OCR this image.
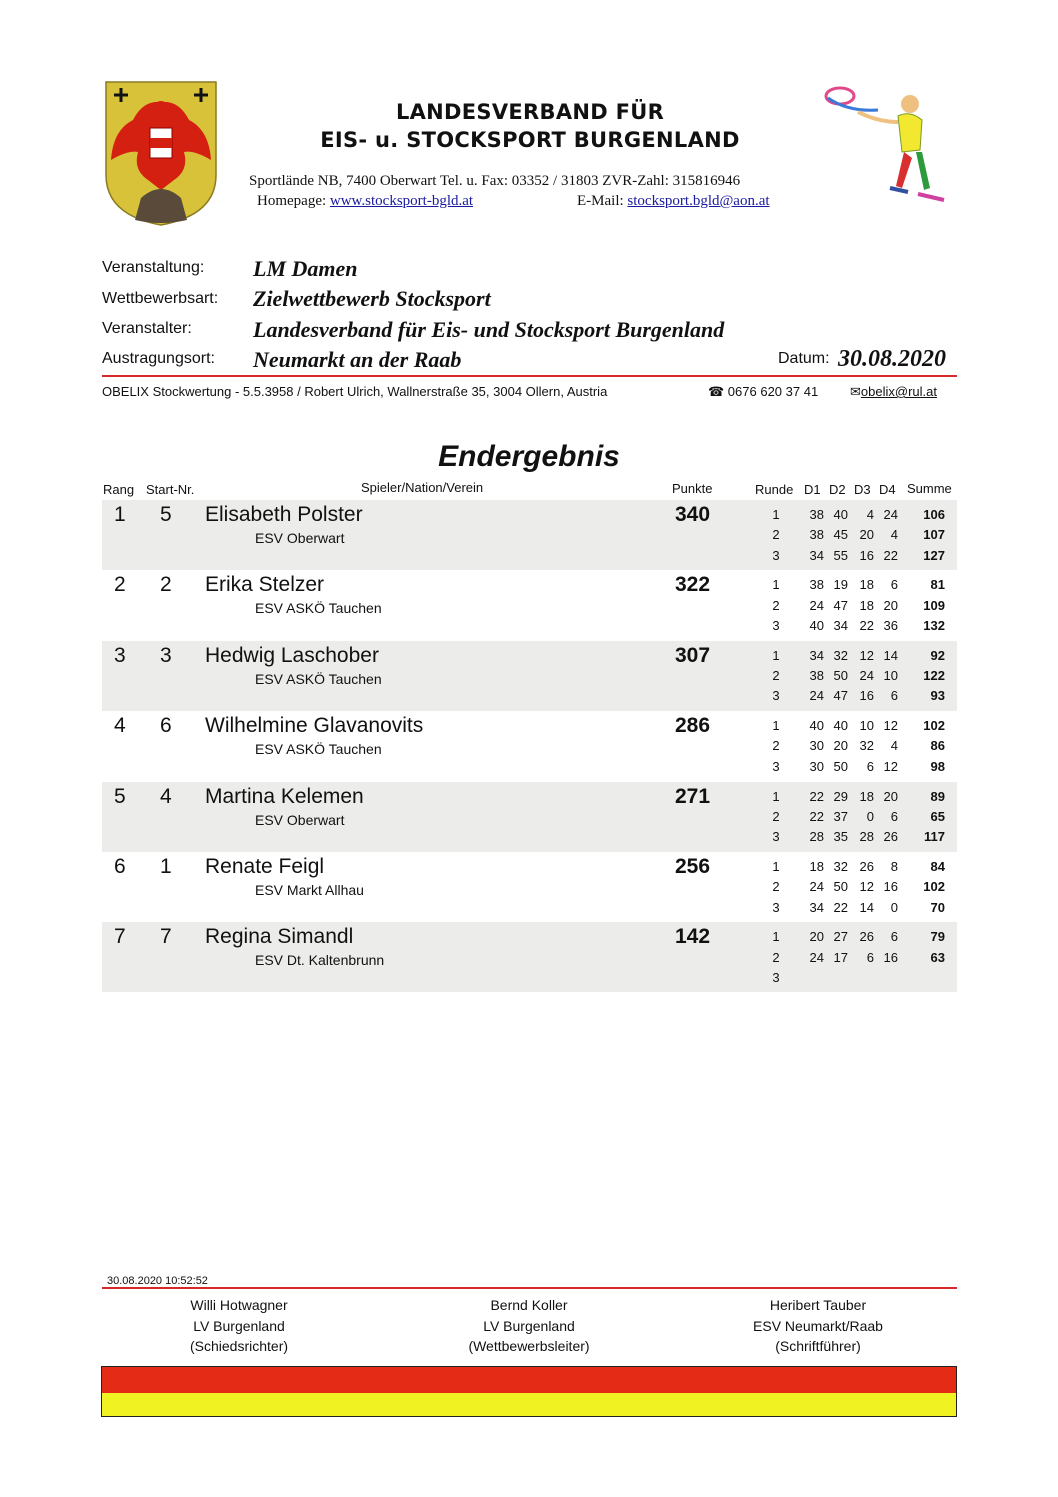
LANDESVERBAND FÜR
EIS- u. STOCKSPORT BURGENLAND
Sportlände NB, 7400 Oberwart Tel. u. Fax: 03352 / 31803 ZVR-Zahl: 315816946
Homepage: www.stocksport-bgld.at	E-Mail: stocksport.bgld@aon.at
Veranstaltung: LM Damen
Wettbewerbsart: Zielwettbewerb Stocksport
Veranstalter:	Landesverband für Eis- und Stocksport Burgenland
Austragungsort: Neumarkt an der Raab	Datum: 30.08.2020
OBELIX Stockwertung - 5.5.3958 / Robert Ulrich, Wallnerstraße 35, 3004 Ollern, Austria	☎ 0676 620 37 41 ✉obelix@rul.at
Endergebnis
Rang Start-Nr.	Spieler/Nation/Verein	Punkte	Runde D1 D2 D3 D4 Summe
1 5 Elisabeth Polster
ESV Oberwart
340	1	38 40	4 24	106
2	38 45 20	4	107
3	34 55 16 22	127
2 2 Erika Stelzer
ESV ASKÖ Tauchen
322	1	38 19 18	6	81
2	24 47 18 20	109
3	40 34 22 36	132
3 3 Hedwig Laschober
ESV ASKÖ Tauchen
307	1	34 32 12 14	92
2	38 50 24 10	122
3	24 47 16	6	93
4 6 Wilhelmine Glavanovits
ESV ASKÖ Tauchen
286	1	40 40 10 12	102
2	30 20 32	4	86
3	30 50	6 12	98
5 4 Martina Kelemen
ESV Oberwart
271	1	22 29 18 20	89
2	22 37	0	6	65
3	28 35 28 26	117
6 1 Renate Feigl
ESV Markt Allhau
256	1	18 32 26	8	84
2	24 50 12 16	102
3	34 22 14	0	70
7 7 Regina Simandl
ESV Dt. Kaltenbrunn
142	1	20 27 26	6	79
2	24 17	6 16	63
3
30.08.2020 10:52:52
Willi Hotwagner
LV Burgenland
(Schiedsrichter)
Bernd Koller
LV Burgenland
(Wettbewerbsleiter)
Heribert Tauber
ESV Neumarkt/Raab
(Schriftführer)
